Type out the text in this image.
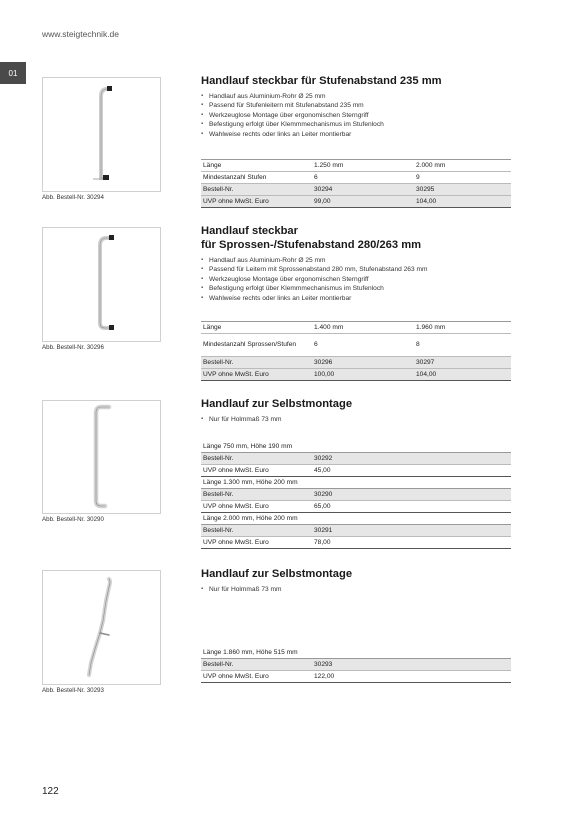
www.steigtechnik.de
01
Abb. Bestell-Nr. 30294
Handlauf steckbar für Stufenabstand 235 mm
▪ Handlauf aus Aluminium-Rohr Ø 25 mm
▪ Passend für Stufenleitern mit Stufenabstand 235 mm
▪ Werkzeuglose Montage über ergonomischen Sterngriff
▪ Befestigung erfolgt über Klemmmechanismus im Stufenloch
▪ Wahlweise rechts oder links an Leiter montierbar
Länge	1.250 mm	2.000 mm
Mindestanzahl Stufen	6	9
Bestell-Nr.	30294	30295
UVP ohne MwSt. Euro	99,00	104,00
Abb. Bestell-Nr. 30296
Handlauf steckbar
für Sprossen-/Stufenabstand 280/263 mm
▪ Handlauf aus Aluminium-Rohr Ø 25 mm
▪ Passend für Leitern mit Sprossenabstand 280 mm, Stufenabstand 263 mm
▪ Werkzeuglose Montage über ergonomischen Sterngriff
▪ Befestigung erfolgt über Klemmmechanismus im Stufenloch
▪ Wahlweise rechts oder links an Leiter montierbar
Länge	1.400 mm	1.960 mm
Mindestanzahl Sprossen/Stufen	6	8
Bestell-Nr.	30296	30297
UVP ohne MwSt. Euro	100,00	104,00
Abb. Bestell-Nr. 30290
Handlauf zur Selbstmontage
▪ Nur für Holmmaß 73 mm
Länge 750 mm, Höhe 190 mm
Bestell-Nr.	30292
UVP ohne MwSt. Euro	45,00
Länge 1.300 mm, Höhe 200 mm
Bestell-Nr.	30290
UVP ohne MwSt. Euro	65,00
Länge 2.000 mm, Höhe 200 mm
Bestell-Nr.	30291
UVP ohne MwSt. Euro	78,00
Abb. Bestell-Nr. 30293
Handlauf zur Selbstmontage
▪ Nur für Holmmaß 73 mm
Länge 1.860 mm, Höhe 515 mm
Bestell-Nr.	30293
UVP ohne MwSt. Euro	122,00
122
